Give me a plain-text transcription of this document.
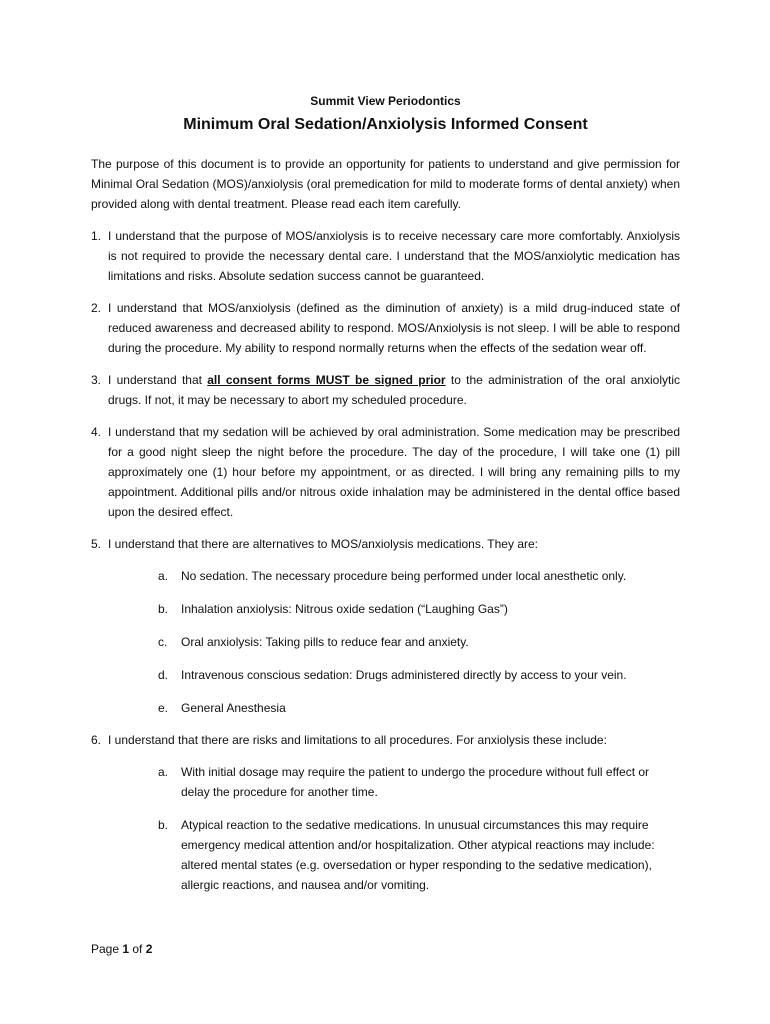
Summit View Periodontics
Minimum Oral Sedation/Anxiolysis Informed Consent

The purpose of this document is to provide an opportunity for patients to understand and give permission for Minimal Oral Sedation (MOS)/anxiolysis (oral premedication for mild to moderate forms of dental anxiety) when provided along with dental treatment. Please read each item carefully.

1. I understand that the purpose of MOS/anxiolysis is to receive necessary care more comfortably. Anxiolysis is not required to provide the necessary dental care. I understand that the MOS/anxiolytic medication has limitations and risks. Absolute sedation success cannot be guaranteed.
2. I understand that MOS/anxiolysis (defined as the diminution of anxiety) is a mild drug-induced state of reduced awareness and decreased ability to respond. MOS/Anxiolysis is not sleep. I will be able to respond during the procedure. My ability to respond normally returns when the effects of the sedation wear off.
3. I understand that all consent forms MUST be signed prior to the administration of the oral anxiolytic drugs. If not, it may be necessary to abort my scheduled procedure.
4. I understand that my sedation will be achieved by oral administration. Some medication may be prescribed for a good night sleep the night before the procedure. The day of the procedure, I will take one (1) pill approximately one (1) hour before my appointment, or as directed. I will bring any remaining pills to my appointment. Additional pills and/or nitrous oxide inhalation may be administered in the dental office based upon the desired effect.
5. I understand that there are alternatives to MOS/anxiolysis medications. They are:
a. No sedation. The necessary procedure being performed under local anesthetic only.
b. Inhalation anxiolysis: Nitrous oxide sedation (“Laughing Gas”)
c. Oral anxiolysis: Taking pills to reduce fear and anxiety.
d. Intravenous conscious sedation: Drugs administered directly by access to your vein.
e. General Anesthesia
6. I understand that there are risks and limitations to all procedures. For anxiolysis these include:
a. With initial dosage may require the patient to undergo the procedure without full effect or delay the procedure for another time.
b. Atypical reaction to the sedative medications. In unusual circumstances this may require emergency medical attention and/or hospitalization. Other atypical reactions may include: altered mental states (e.g. oversedation or hyper responding to the sedative medication), allergic reactions, and nausea and/or vomiting.
Page 1 of 2
